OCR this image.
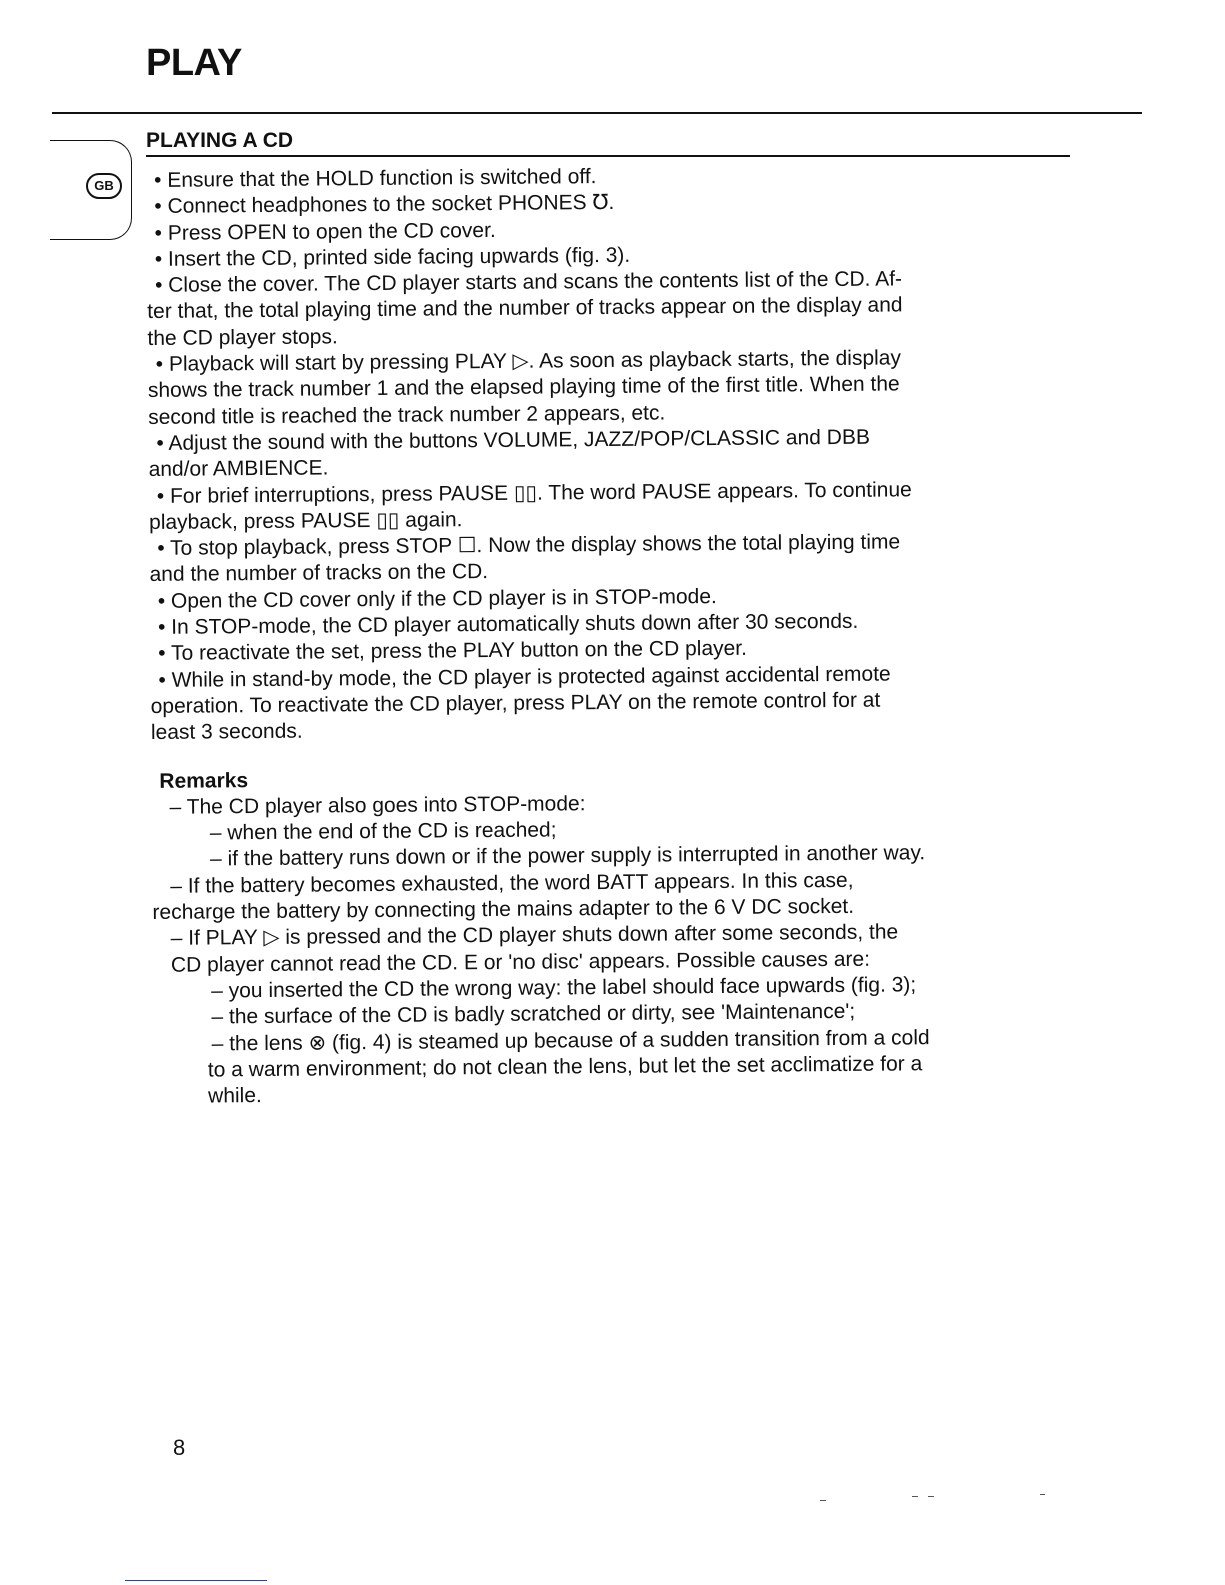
PLAY
GB
PLAYING A CD
• Ensure that the HOLD function is switched off.
• Connect headphones to the socket PHONES ℧.
• Press OPEN to open the CD cover.
• Insert the CD, printed side facing upwards (fig. 3).
• Close the cover. The CD player starts and scans the contents list of the CD. Af-
ter that, the total playing time and the number of tracks appear on the display and
the CD player stops.
• Playback will start by pressing PLAY ▷. As soon as playback starts, the display
shows the track number 1 and the elapsed playing time of the first title. When the
second title is reached the track number 2 appears, etc.
• Adjust the sound with the buttons VOLUME, JAZZ/POP/CLASSIC and DBB
and/or AMBIENCE.
• For brief interruptions, press PAUSE ▯▯. The word PAUSE appears. To continue
playback, press PAUSE ▯▯ again.
• To stop playback, press STOP ☐. Now the display shows the total playing time
and the number of tracks on the CD.
• Open the CD cover only if the CD player is in STOP-mode.
• In STOP-mode, the CD player automatically shuts down after 30 seconds.
• To reactivate the set, press the PLAY button on the CD player.
• While in stand-by mode, the CD player is protected against accidental remote
operation. To reactivate the CD player, press PLAY on the remote control for at
least 3 seconds.
Remarks
– The CD player also goes into STOP-mode:
– when the end of the CD is reached;
– if the battery runs down or if the power supply is interrupted in another way.
– If the battery becomes exhausted, the word BATT appears. In this case,
recharge the battery by connecting the mains adapter to the 6 V DC socket.
– If PLAY ▷ is pressed and the CD player shuts down after some seconds, the
CD player cannot read the CD. E or 'no disc' appears. Possible causes are:
– you inserted the CD the wrong way: the label should face upwards (fig. 3);
– the surface of the CD is badly scratched or dirty, see 'Maintenance';
– the lens ⊗ (fig. 4) is steamed up because of a sudden transition from a cold
to a warm environment; do not clean the lens, but let the set acclimatize for a
while.
8
